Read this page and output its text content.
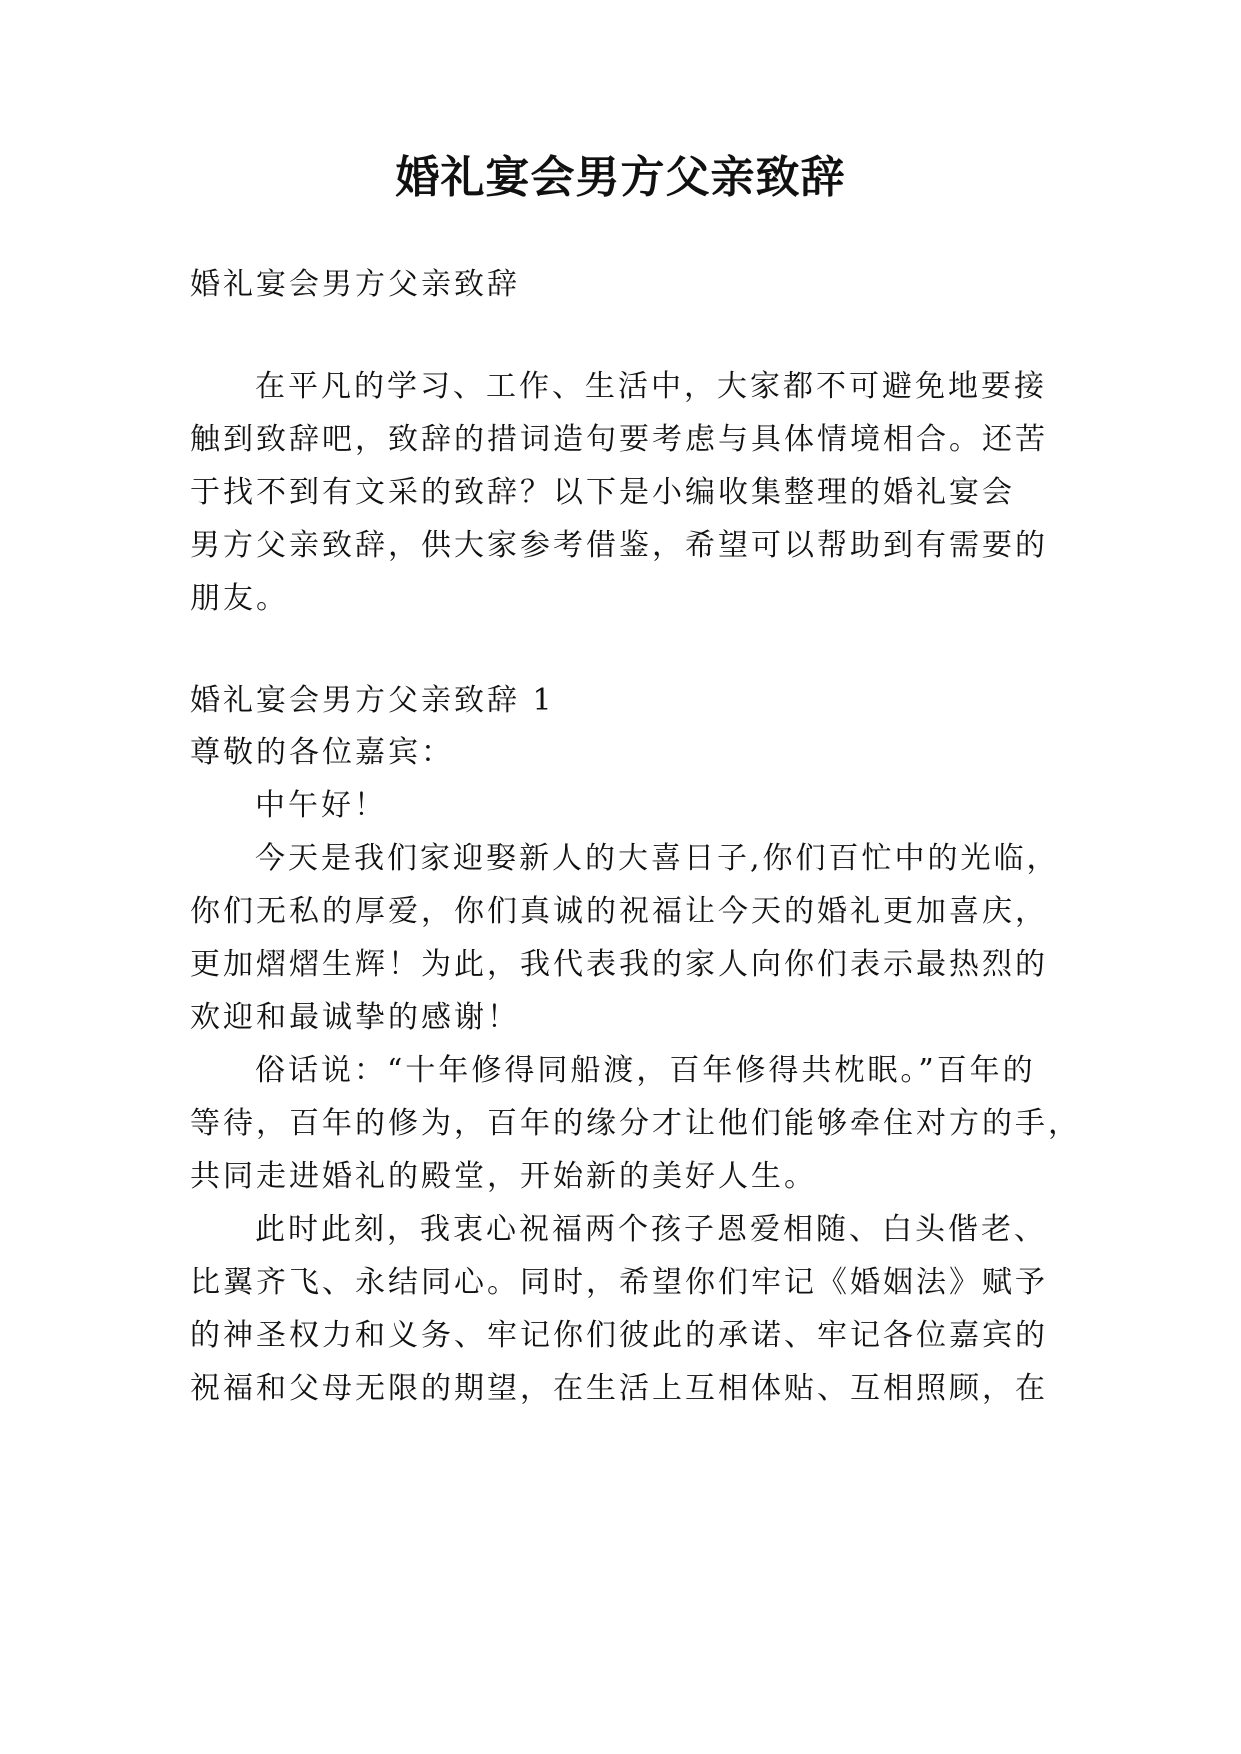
婚礼宴会男方父亲致辞
婚礼宴会男方父亲致辞
在平凡的学习、工作、生活中，大家都不可避免地要接
触到致辞吧，致辞的措词造句要考虑与具体情境相合。还苦
于找不到有文采的致辞？以下是小编收集整理的婚礼宴会
男方父亲致辞，供大家参考借鉴，希望可以帮助到有需要的
朋友。
婚礼宴会男方父亲致辞 1
尊敬的各位嘉宾：
中午好！
今天是我们家迎娶新人的大喜日子,你们百忙中的光临，
你们无私的厚爱，你们真诚的祝福让今天的婚礼更加喜庆，
更加熠熠生辉！为此，我代表我的家人向你们表示最热烈的
欢迎和最诚挚的感谢！
俗话说：“十年修得同船渡，百年修得共枕眠。”百年的
等待，百年的修为，百年的缘分才让他们能够牵住对方的手，
共同走进婚礼的殿堂，开始新的美好人生。
此时此刻，我衷心祝福两个孩子恩爱相随、白头偕老、
比翼齐飞、永结同心。同时，希望你们牢记《婚姻法》赋予
的神圣权力和义务、牢记你们彼此的承诺、牢记各位嘉宾的
祝福和父母无限的期望，在生活上互相体贴、互相照顾，在
